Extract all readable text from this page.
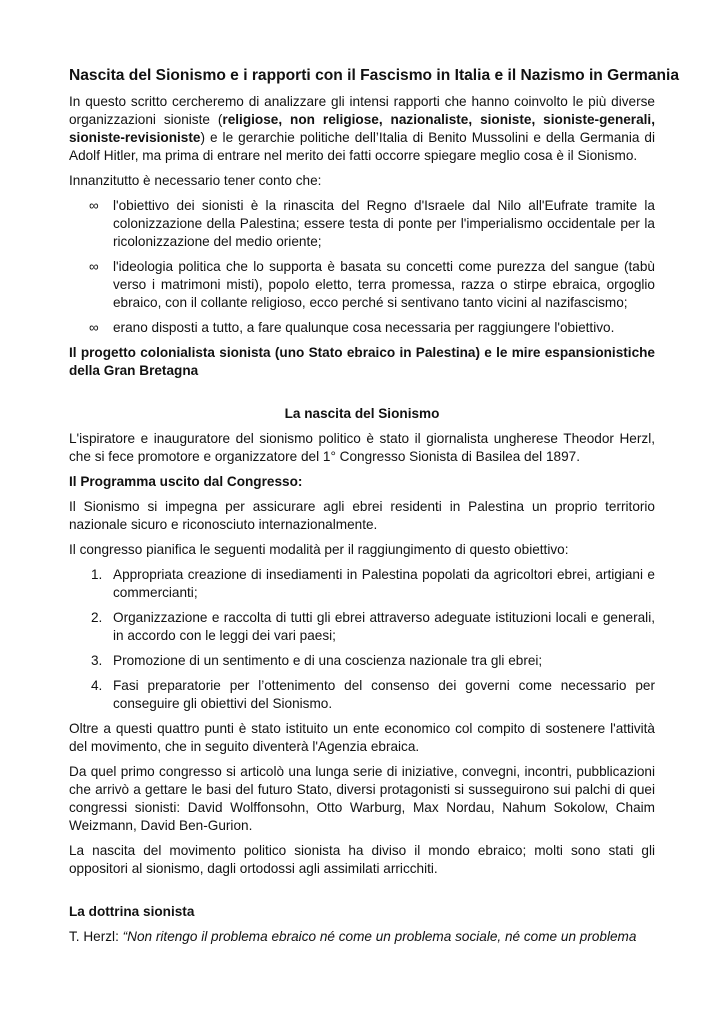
Nascita del Sionismo e i rapporti con il Fascismo in Italia e il Nazismo in Germania

In questo scritto cercheremo di analizzare gli intensi rapporti che hanno coinvolto le più diverse organizzazioni sioniste (religiose, non religiose, nazionaliste, sioniste, sioniste-generali, sioniste-revisioniste) e le gerarchie politiche dell’Italia di Benito Mussolini e della Germania di Adolf Hitler, ma prima di entrare nel merito dei fatti occorre spiegare meglio cosa è il Sionismo.

Innanzitutto è necessario tener conto che:

∞ l'obiettivo dei sionisti è la rinascita del Regno d'Israele dal Nilo all'Eufrate tramite la colonizzazione della Palestina; essere testa di ponte per l'imperialismo occidentale per la ricolonizzazione del medio oriente;
∞ l'ideologia politica che lo supporta è basata su concetti come purezza del sangue (tabù verso i matrimoni misti), popolo eletto, terra promessa, razza o stirpe ebraica, orgoglio ebraico, con il collante religioso, ecco perché si sentivano tanto vicini al nazifascismo;
∞ erano disposti a tutto, a fare qualunque cosa necessaria per raggiungere l'obiettivo.

Il progetto colonialista sionista (uno Stato ebraico in Palestina) e le mire espansionistiche della Gran Bretagna

La nascita del Sionismo

L'ispiratore e inauguratore del sionismo politico è stato il giornalista ungherese Theodor Herzl, che si fece promotore e organizzatore del 1° Congresso Sionista di Basilea del 1897.

Il Programma uscito dal Congresso:

Il Sionismo si impegna per assicurare agli ebrei residenti in Palestina un proprio territorio nazionale sicuro e riconosciuto internazionalmente.

Il congresso pianifica le seguenti modalità per il raggiungimento di questo obiettivo:

1. Appropriata creazione di insediamenti in Palestina popolati da agricoltori ebrei, artigiani e commercianti;
2. Organizzazione e raccolta di tutti gli ebrei attraverso adeguate istituzioni locali e generali, in accordo con le leggi dei vari paesi;
3. Promozione di un sentimento e di una coscienza nazionale tra gli ebrei;
4. Fasi preparatorie per l’ottenimento del consenso dei governi come necessario per conseguire gli obiettivi del Sionismo.

Oltre a questi quattro punti è stato istituito un ente economico col compito di sostenere l'attività del movimento, che in seguito diventerà l'Agenzia ebraica.

Da quel primo congresso si articolò una lunga serie di iniziative, convegni, incontri, pubblicazioni che arrivò a gettare le basi del futuro Stato, diversi protagonisti si susseguirono sui palchi di quei congressi sionisti: David Wolffonsohn, Otto Warburg, Max Nordau, Nahum Sokolow, Chaim Weizmann, David Ben-Gurion.

La nascita del movimento politico sionista ha diviso il mondo ebraico; molti sono stati gli oppositori al sionismo, dagli ortodossi agli assimilati arricchiti.

La dottrina sionista

T. Herzl: “Non ritengo il problema ebraico né come un problema sociale, né come un problema
